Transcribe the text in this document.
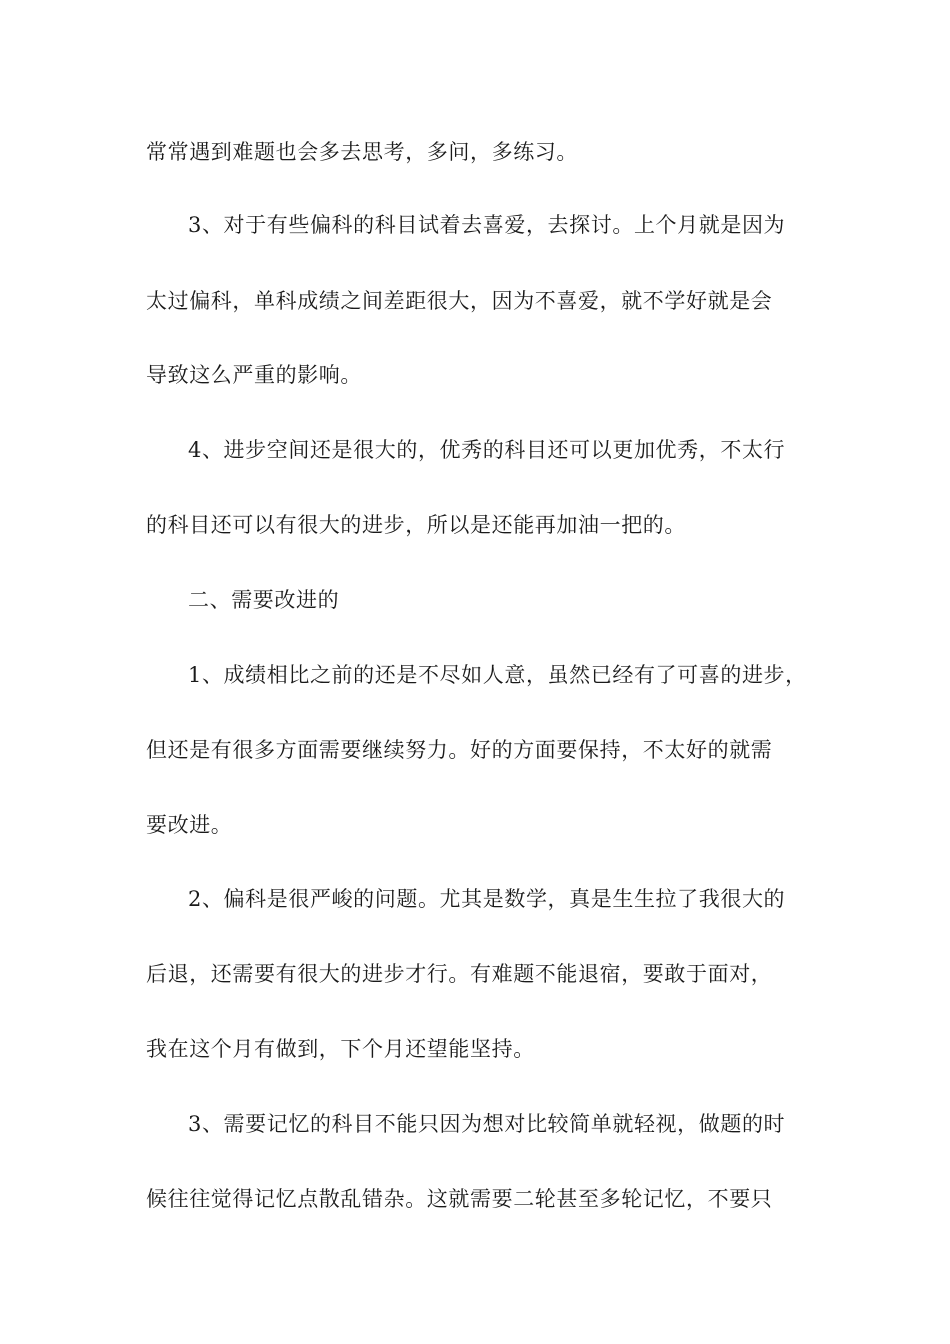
常常遇到难题也会多去思考，多问，多练习。
3、对于有些偏科的科目试着去喜爱，去探讨。上个月就是因为
太过偏科，单科成绩之间差距很大，因为不喜爱，就不学好就是会
导致这么严重的影响。
4、进步空间还是很大的，优秀的科目还可以更加优秀，不太行
的科目还可以有很大的进步，所以是还能再加油一把的。
二、需要改进的
1、成绩相比之前的还是不尽如人意，虽然已经有了可喜的进步，
但还是有很多方面需要继续努力。好的方面要保持，不太好的就需
要改进。
2、偏科是很严峻的问题。尤其是数学，真是生生拉了我很大的
后退，还需要有很大的进步才行。有难题不能退宿，要敢于面对，
我在这个月有做到，下个月还望能坚持。
3、需要记忆的科目不能只因为想对比较简单就轻视，做题的时
候往往觉得记忆点散乱错杂。这就需要二轮甚至多轮记忆，不要只
